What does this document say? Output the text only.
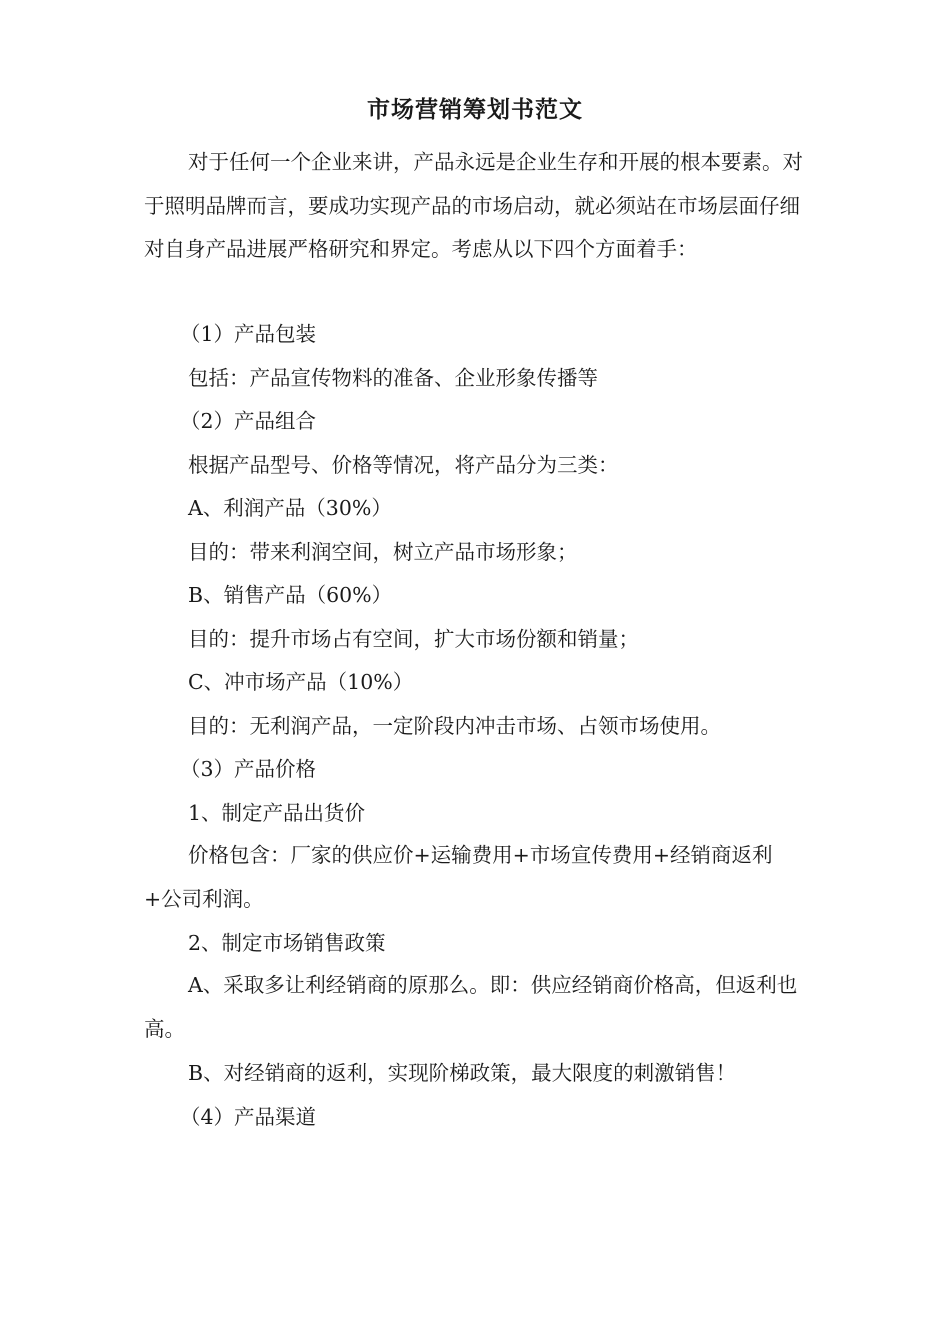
市场营销筹划书范文

对于任何一个企业来讲，产品永远是企业生存和开展的根本要素。对于照明品牌而言，要成功实现产品的市场启动，就必须站在市场层面仔细对自身产品进展严格研究和界定。考虑从以下四个方面着手：

（1）产品包装
包括：产品宣传物料的准备、企业形象传播等
（2）产品组合
根据产品型号、价格等情况，将产品分为三类：
A、利润产品（30%）
目的：带来利润空间，树立产品市场形象；
B、销售产品（60%）
目的：提升市场占有空间，扩大市场份额和销量；
C、冲市场产品（10%）
目的：无利润产品，一定阶段内冲击市场、占领市场使用。
（3）产品价格
1、制定产品出货价

价格包含：厂家的供应价+运输费用+市场宣传费用+经销商返利+公司利润。

2、制定市场销售政策

A、采取多让利经销商的原那么。即：供应经销商价格高，但返利也高。

B、对经销商的返利，实现阶梯政策，最大限度的刺激销售！
（4）产品渠道
